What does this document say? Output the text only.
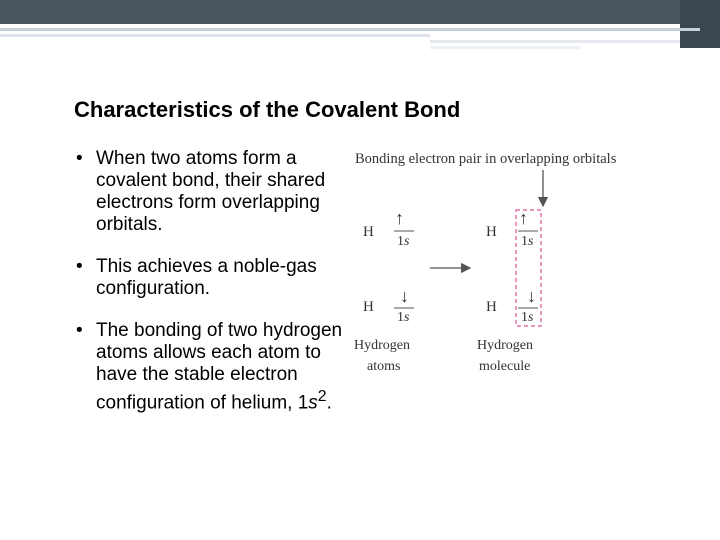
Characteristics of the Covalent Bond
• When two atoms form a covalent bond, their shared electrons form overlapping orbitals.
• This achieves a noble-gas configuration.
• The bonding of two hydrogen atoms allows each atom to have the stable electron configuration of helium, $1s^2$.
Bonding electron pair in overlapping orbitals
H
↑
1s
H
↓
1s
H
↑
1s
H
↓
1s
Hydrogen
atoms
Hydrogen
molecule
